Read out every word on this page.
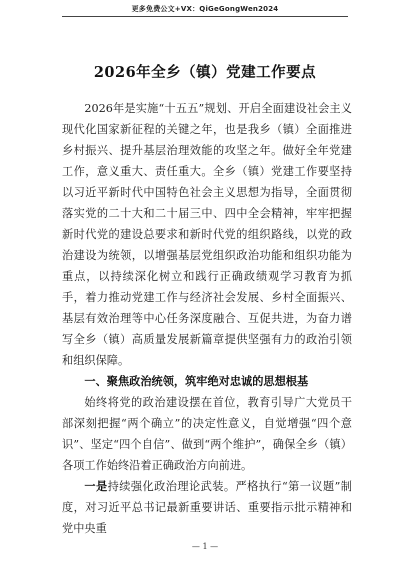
更多免费公文+VX：QiGeGongWen2024
2026年全乡（镇）党建工作要点

2026年是实施“十五五”规划、开启全面建设社会主义现代化国家新征程的关键之年，也是我乡（镇）全面推进乡村振兴、提升基层治理效能的攻坚之年。做好全年党建工作，意义重大、责任重大。全乡（镇）党建工作要坚持以习近平新时代中国特色社会主义思想为指导，全面贯彻落实党的二十大和二十届三中、四中全会精神，牢牢把握新时代党的建设总要求和新时代党的组织路线，以党的政治建设为统领，以增强基层党组织政治功能和组织功能为重点，以持续深化树立和践行正确政绩观学习教育为抓手，着力推动党建工作与经济社会发展、乡村全面振兴、基层有效治理等中心任务深度融合、互促共进，为奋力谱写全乡（镇）高质量发展新篇章提供坚强有力的政治引领和组织保障。

一、聚焦政治统领，筑牢绝对忠诚的思想根基

始终将党的政治建设摆在首位，教育引导广大党员干部深刻把握“两个确立”的决定性意义，自觉增强“四个意识”、坚定“四个自信”、做到“两个维护”，确保全乡（镇）各项工作始终沿着正确政治方向前进。

一是持续强化政治理论武装。严格执行“第一议题”制度，对习近平总书记最新重要讲话、重要指示批示精神和党中央重

— 1 —
